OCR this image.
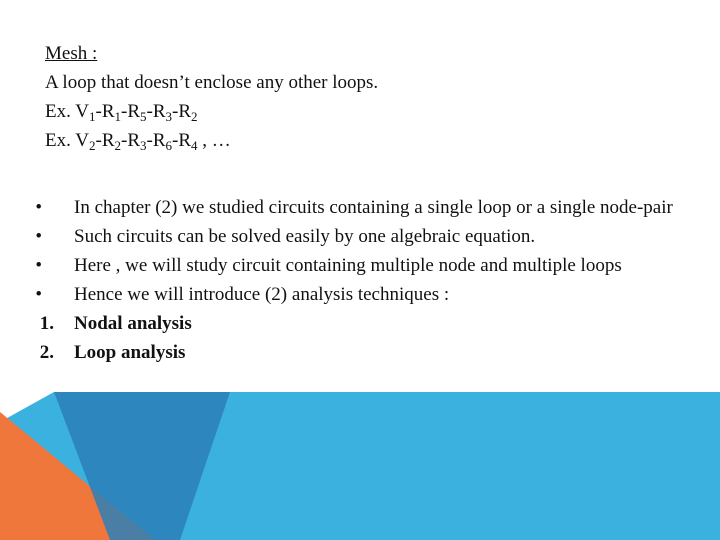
Mesh :
A loop that doesn’t enclose any other loops.
Ex. $V_1-R_1-R_5-R_3-R_2$
Ex. $V_2-R_2-R_3-R_6-R_4$ , …
• In chapter (2) we studied circuits containing a single loop or a single node-pair
• Such circuits can be solved easily by one algebraic equation.
• Here , we will study circuit containing multiple node and multiple loops
• Hence we will introduce (2) analysis techniques :
1. Nodal analysis
2. Loop analysis
